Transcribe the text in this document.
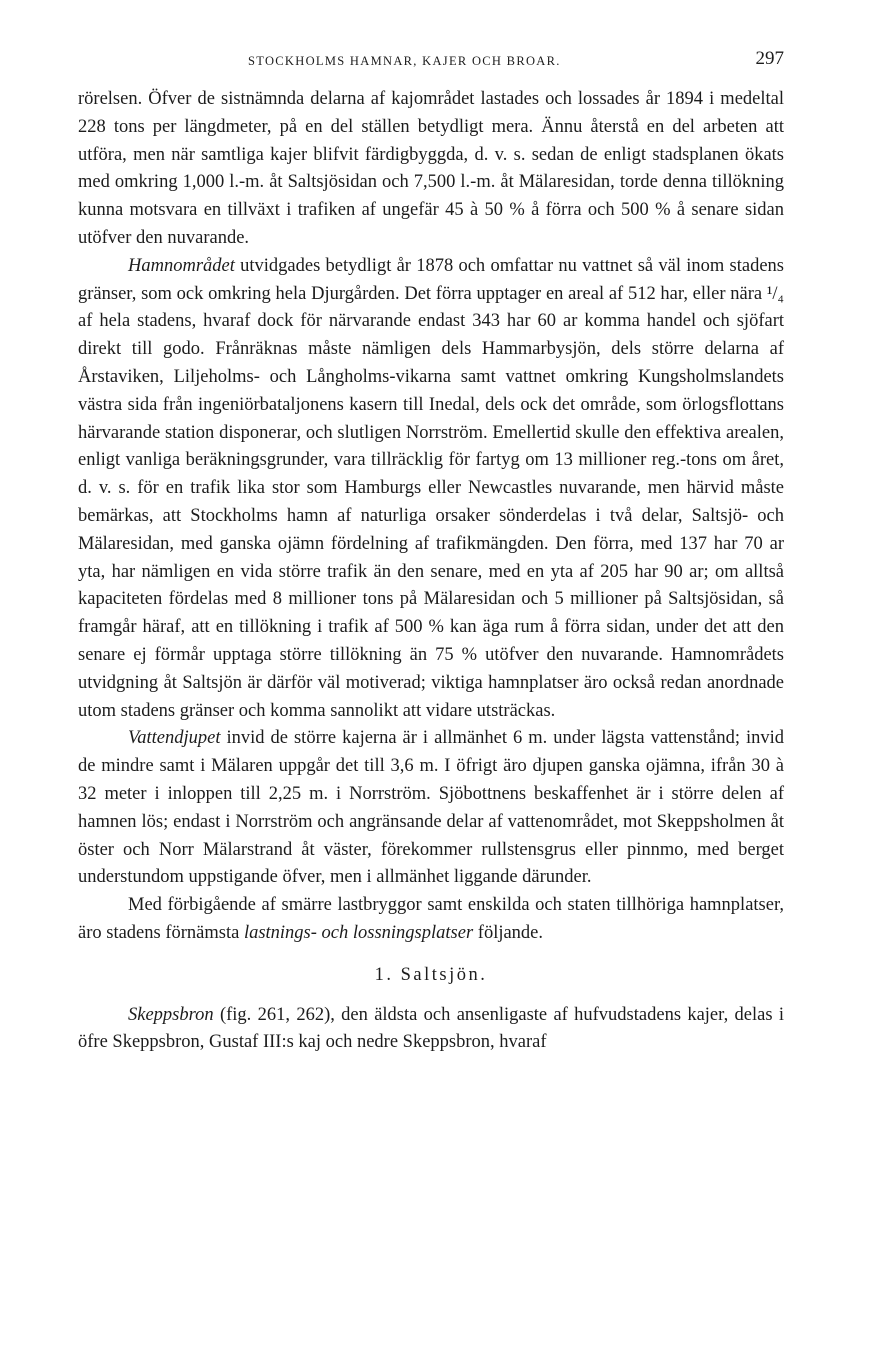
STOCKHOLMS HAMNAR, KAJER OCH BROAR.	297

rörelsen. Öfver de sistnämnda delarna af kajområdet lastades och lossades år 1894 i medeltal 228 tons per längdmeter, på en del ställen betydligt mera. Ännu återstå en del arbeten att utföra, men när samtliga kajer blifvit färdigbyggda, d. v. s. sedan de enligt stadsplanen ökats med omkring 1,000 l.-m. åt Saltsjösidan och 7,500 l.-m. åt Mälaresidan, torde denna tillökning kunna motsvara en tillväxt i trafiken af ungefär 45 à 50 % å förra och 500 % å senare sidan utöfver den nuvarande.

Hamnområdet utvidgades betydligt år 1878 och omfattar nu vattnet så väl inom stadens gränser, som ock omkring hela Djurgården. Det förra upptager en areal af 512 har, eller nära ¹/₄ af hela stadens, hvaraf dock för närvarande endast 343 har 60 ar komma handel och sjöfart direkt till godo. Frånräknas måste nämligen dels Hammarbysjön, dels större delarna af Årstaviken, Liljeholms- och Långholms-vikarna samt vattnet omkring Kungsholmslandets västra sida från ingeniörbataljonens kasern till Inedal, dels ock det område, som örlogsflottans härvarande station disponerar, och slutligen Norrström. Emellertid skulle den effektiva arealen, enligt vanliga beräkningsgrunder, vara tillräcklig för fartyg om 13 millioner reg.-tons om året, d. v. s. för en trafik lika stor som Hamburgs eller Newcastles nuvarande, men härvid måste bemärkas, att Stockholms hamn af naturliga orsaker sönderdelas i två delar, Saltsjö- och Mälaresidan, med ganska ojämn fördelning af trafikmängden. Den förra, med 137 har 70 ar yta, har nämligen en vida större trafik än den senare, med en yta af 205 har 90 ar; om alltså kapaciteten fördelas med 8 millioner tons på Mälaresidan och 5 millioner på Saltsjösidan, så framgår häraf, att en tillökning i trafik af 500 % kan äga rum å förra sidan, under det att den senare ej förmår upptaga större tillökning än 75 % utöfver den nuvarande. Hamnområdets utvidgning åt Saltsjön är därför väl motiverad; viktiga hamnplatser äro också redan anordnade utom stadens gränser och komma sannolikt att vidare utsträckas.

Vattendjupet invid de större kajerna är i allmänhet 6 m. under lägsta vattenstånd; invid de mindre samt i Mälaren uppgår det till 3,6 m. I öfrigt äro djupen ganska ojämna, ifrån 30 à 32 meter i inloppen till 2,25 m. i Norrström. Sjöbottnens beskaffenhet är i större delen af hamnen lös; endast i Norrström och angränsande delar af vattenområdet, mot Skeppsholmen åt öster och Norr Mälarstrand åt väster, förekommer rullstensgrus eller pinnmo, med berget understundom uppstigande öfver, men i allmänhet liggande därunder.

Med förbigående af smärre lastbryggor samt enskilda och staten tillhöriga hamnplatser, äro stadens förnämsta lastnings- och lossningsplatser följande.

1. Saltsjön.

Skeppsbron (fig. 261, 262), den äldsta och ansenligaste af hufvudstadens kajer, delas i öfre Skeppsbron, Gustaf III:s kaj och nedre Skeppsbron, hvaraf
